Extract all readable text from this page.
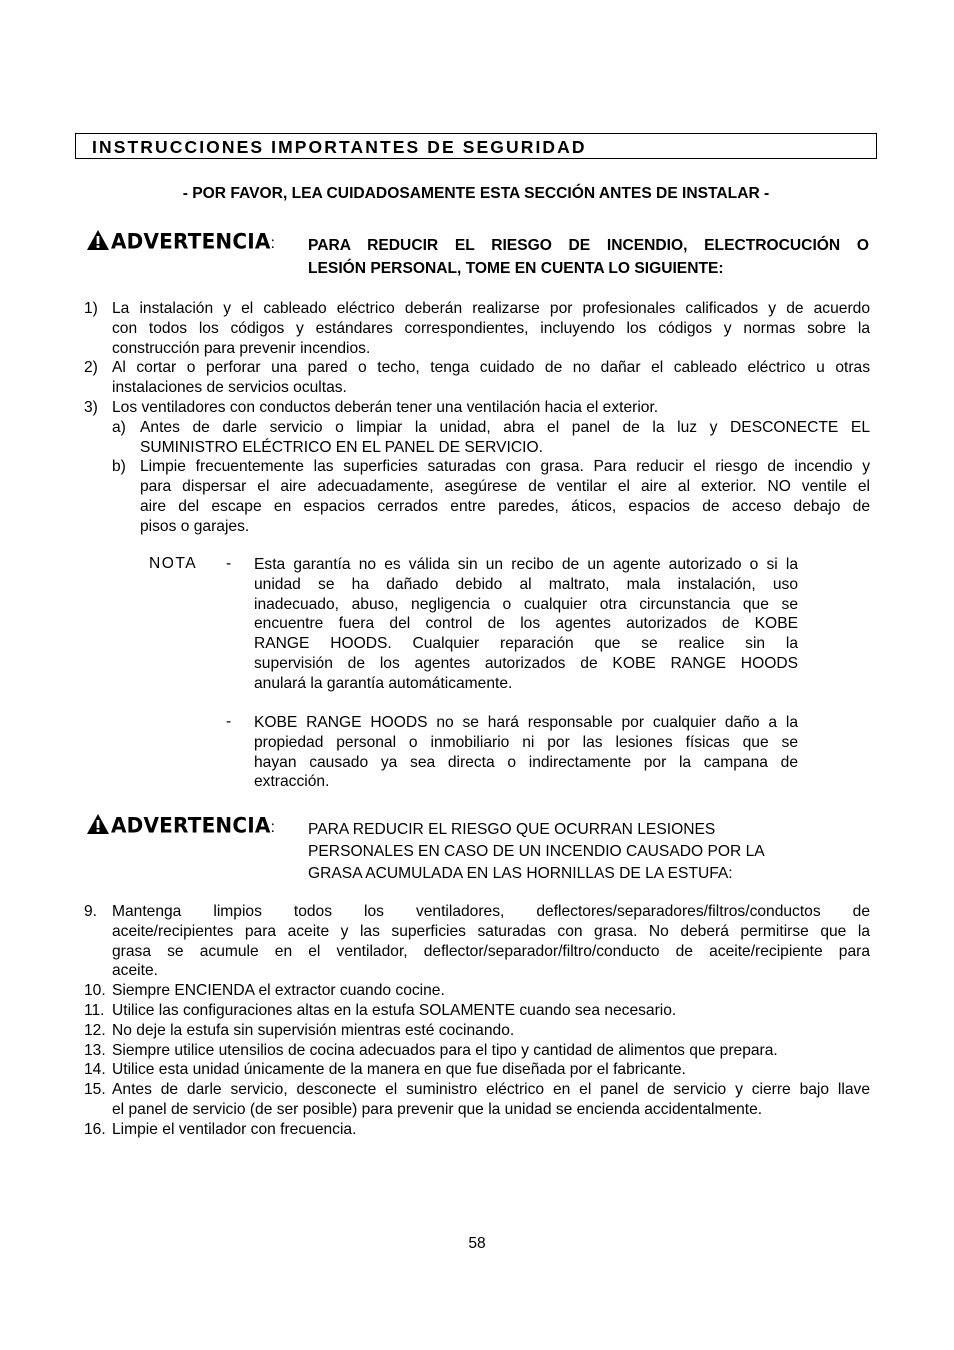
INSTRUCCIONES IMPORTANTES DE SEGURIDAD
- POR FAVOR, LEA CUIDADOSAMENTE ESTA SECCIÓN ANTES DE INSTALAR -
ADVERTENCIA: PARA REDUCIR EL RIESGO DE INCENDIO, ELECTROCUCIÓN O
LESIÓN PERSONAL, TOME EN CUENTA LO SIGUIENTE:
1) La instalación y el cableado eléctrico deberán realizarse por profesionales calificados y de acuerdo
con todos los códigos y estándares correspondientes, incluyendo los códigos y normas sobre la
construcción para prevenir incendios.
2) Al cortar o perforar una pared o techo, tenga cuidado de no dañar el cableado eléctrico u otras
instalaciones de servicios ocultas.
3) Los ventiladores con conductos deberán tener una ventilación hacia el exterior.
a) Antes de darle servicio o limpiar la unidad, abra el panel de la luz y DESCONECTE EL
SUMINISTRO ELÉCTRICO EN EL PANEL DE SERVICIO.
b) Limpie frecuentemente las superficies saturadas con grasa. Para reducir el riesgo de incendio y
para dispersar el aire adecuadamente, asegúrese de ventilar el aire al exterior. NO ventile el
aire del escape en espacios cerrados entre paredes, áticos, espacios de acceso debajo de
pisos o garajes.
NOTA - Esta garantía no es válida sin un recibo de un agente autorizado o si la
unidad se ha dañado debido al maltrato, mala instalación, uso
inadecuado, abuso, negligencia o cualquier otra circunstancia que se
encuentre fuera del control de los agentes autorizados de KOBE
RANGE HOODS. Cualquier reparación que se realice sin la
supervisión de los agentes autorizados de KOBE RANGE HOODS
anulará la garantía automáticamente.
- KOBE RANGE HOODS no se hará responsable por cualquier daño a la
propiedad personal o inmobiliario ni por las lesiones físicas que se
hayan causado ya sea directa o indirectamente por la campana de
extracción.
ADVERTENCIA: PARA REDUCIR EL RIESGO QUE OCURRAN LESIONES
PERSONALES EN CASO DE UN INCENDIO CAUSADO POR LA
GRASA ACUMULADA EN LAS HORNILLAS DE LA ESTUFA:
9. Mantenga limpios todos los ventiladores, deflectores/separadores/filtros/conductos de
aceite/recipientes para aceite y las superficies saturadas con grasa. No deberá permitirse que la
grasa se acumule en el ventilador, deflector/separador/filtro/conducto de aceite/recipiente para
aceite.
10. Siempre ENCIENDA el extractor cuando cocine.
11. Utilice las configuraciones altas en la estufa SOLAMENTE cuando sea necesario.
12. No deje la estufa sin supervisión mientras esté cocinando.
13. Siempre utilice utensilios de cocina adecuados para el tipo y cantidad de alimentos que prepara.
14. Utilice esta unidad únicamente de la manera en que fue diseñada por el fabricante.
15. Antes de darle servicio, desconecte el suministro eléctrico en el panel de servicio y cierre bajo llave
el panel de servicio (de ser posible) para prevenir que la unidad se encienda accidentalmente.
16. Limpie el ventilador con frecuencia.
58
